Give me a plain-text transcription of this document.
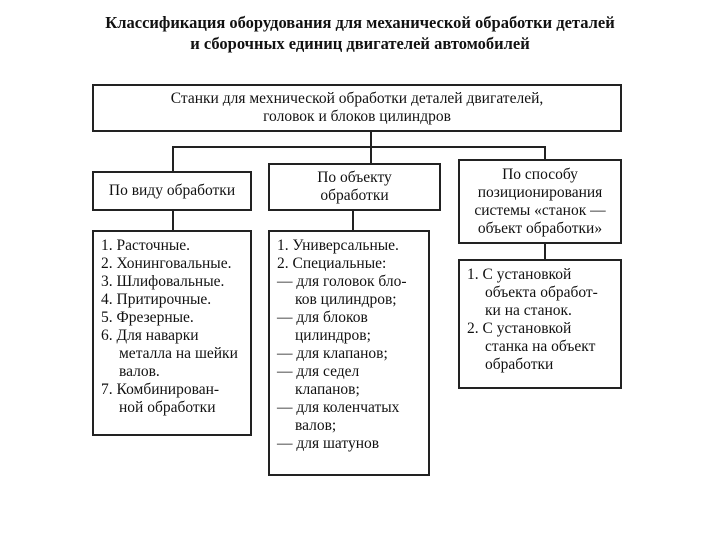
Классификация оборудования для механической обработки деталей
и сборочных единиц двигателей автомобилей
Станки для мехнической обработки деталей двигателей,
головок и блоков цилиндров
По виду обработки
По объекту
обработки
По способу
позиционирования
системы «станок —
объект обработки»
1. Расточные.
2. Хонинговальные.
3. Шлифовальные.
4. Притирочные.
5. Фрезерные.
6. Для наварки
металла на шейки
валов.
7. Комбинирован-
ной обработки
1. Универсальные.
2. Специальные:
— для головок бло-
ков цилиндров;
— для блоков
цилиндров;
— для клапанов;
— для седел
клапанов;
— для коленчатых
валов;
— для шатунов
1. С установкой
объекта обработ-
ки на станок.
2. С установкой
станка на объект
обработки
